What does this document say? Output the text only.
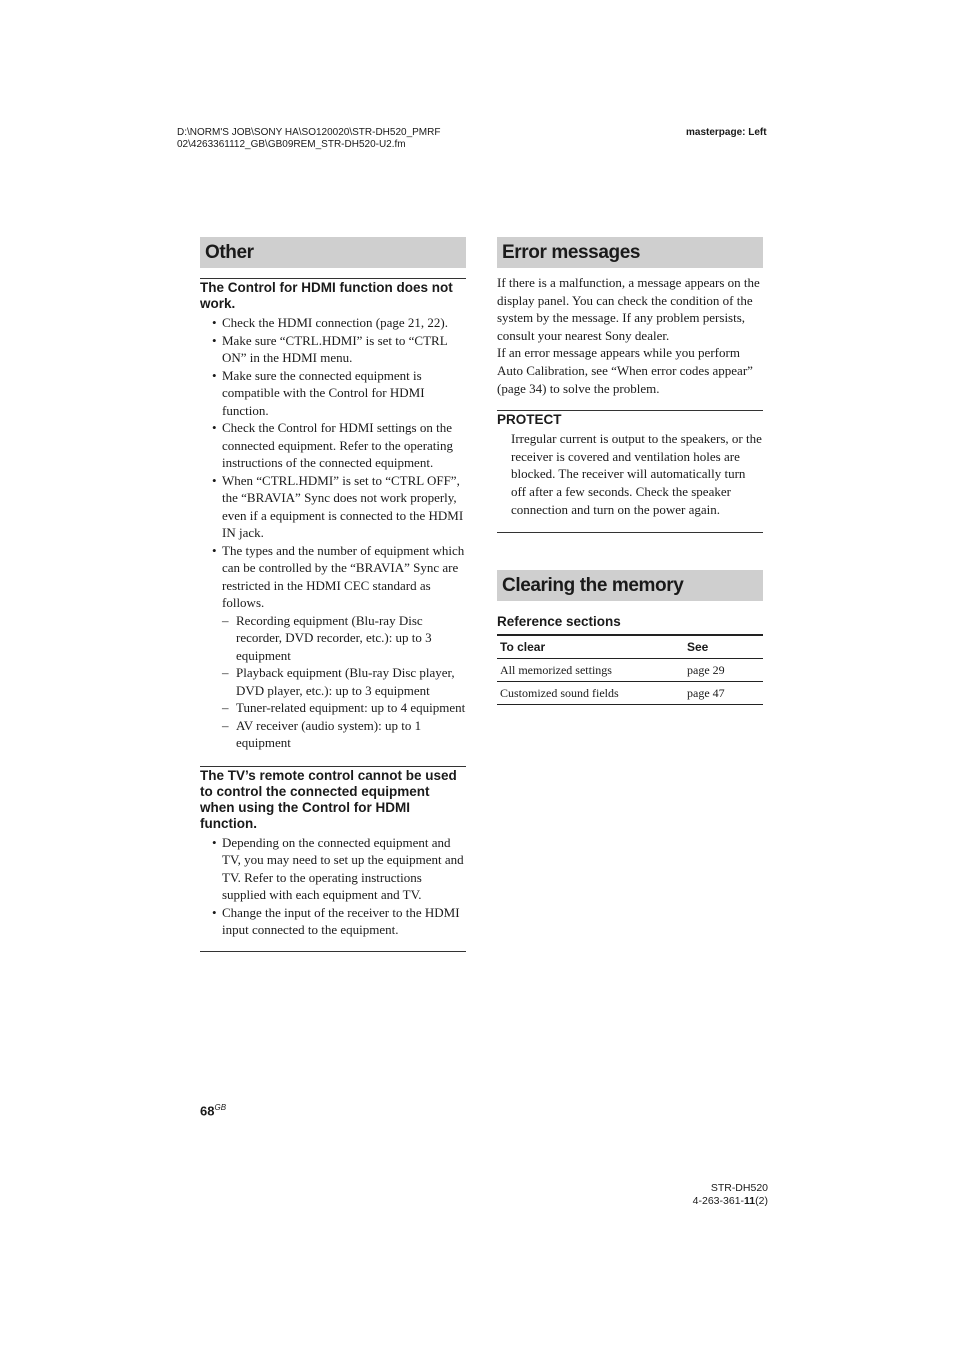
D:\NORM'S JOB\SONY HA\SO120020\STR-DH520_PMRF
02\4263361112_GB\GB09REM_STR-DH520-U2.fm
masterpage: Left
Other
The Control for HDMI function does not work.
• Check the HDMI connection (page 21, 22).
• Make sure “CTRL.HDMI” is set to “CTRL ON” in the HDMI menu.
• Make sure the connected equipment is compatible with the Control for HDMI function.
• Check the Control for HDMI settings on the connected equipment. Refer to the operating instructions of the connected equipment.
• When “CTRL.HDMI” is set to “CTRL OFF”, the “BRAVIA” Sync does not work properly, even if a equipment is connected to the HDMI IN jack.
• The types and the number of equipment which can be controlled by the “BRAVIA” Sync are restricted in the HDMI CEC standard as follows.
– Recording equipment (Blu-ray Disc recorder, DVD recorder, etc.): up to 3 equipment
– Playback equipment (Blu-ray Disc player, DVD player, etc.): up to 3 equipment
– Tuner-related equipment: up to 4 equipment
– AV receiver (audio system): up to 1 equipment
The TV’s remote control cannot be used to control the connected equipment when using the Control for HDMI function.
• Depending on the connected equipment and TV, you may need to set up the equipment and TV. Refer to the operating instructions supplied with each equipment and TV.
• Change the input of the receiver to the HDMI input connected to the equipment.
Error messages
If there is a malfunction, a message appears on the display panel. You can check the condition of the system by the message. If any problem persists, consult your nearest Sony dealer.
If an error message appears while you perform Auto Calibration, see “When error codes appear” (page 34) to solve the problem.
PROTECT
Irregular current is output to the speakers, or the receiver is covered and ventilation holes are blocked. The receiver will automatically turn off after a few seconds. Check the speaker connection and turn on the power again.
Clearing the memory
Reference sections
To clear	See
All memorized settings	page 29
Customized sound fields	page 47
$68^{GB}$
STR-DH520
4-263-361-11(2)
